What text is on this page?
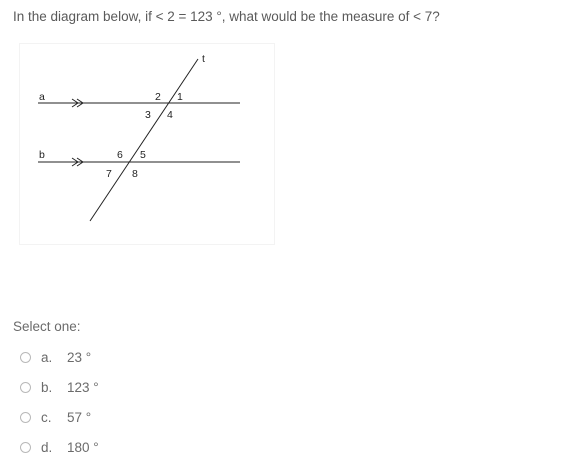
In the diagram below, if < 2 = 123 °, what would be the measure of < 7?
a
b
t
2 1
3 4
6 5
7 8
Select one:
a.	23 °
b.	123 °
c.	57 °
d.	180 °
